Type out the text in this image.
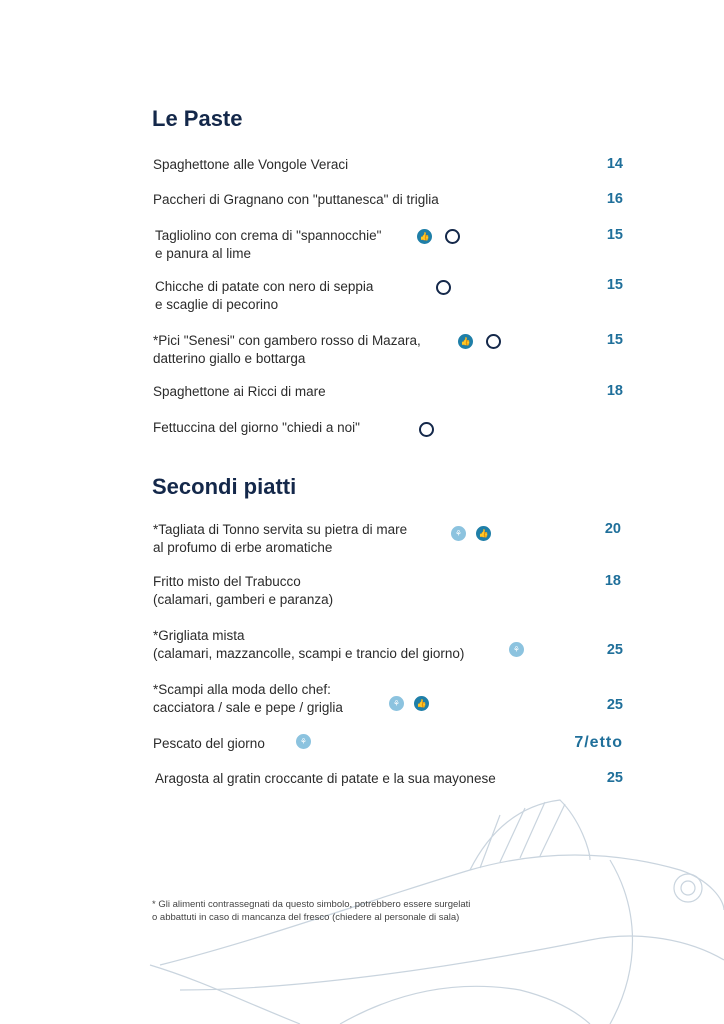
Le Paste
Spaghettone alle Vongole Veraci	14
Paccheri di Gragnano con "puttanesca" di triglia	16
Tagliolino con crema di "spannocchie"
e panura al lime
👍	15
Chicche di patate con nero di seppia
e scaglie di pecorino
15
*Pici "Senesi" con gambero rosso di Mazara,
datterino giallo e bottarga
👍	15
Spaghettone ai Ricci di mare	18
Fettuccina del giorno "chiedi a noi"
Secondi piatti
*Tagliata di Tonno servita su pietra di mare
al profumo di erbe aromatiche
⚘	👍	20
Fritto misto del Trabucco
(calamari, gamberi e paranza)
18
*Grigliata mista
(calamari, mazzancolle, scampi e trancio del giorno)	⚘	25
*Scampi alla moda dello chef:
cacciatora / sale e pepe / griglia	⚘	👍	25
Pescato del giorno	⚘	7/etto
Aragosta al gratin croccante di patate e la sua mayonese	25
* Gli alimenti contrassegnati da questo simbolo, potrebbero essere surgelati
o abbattuti in caso di mancanza del fresco (chiedere al personale di sala)
